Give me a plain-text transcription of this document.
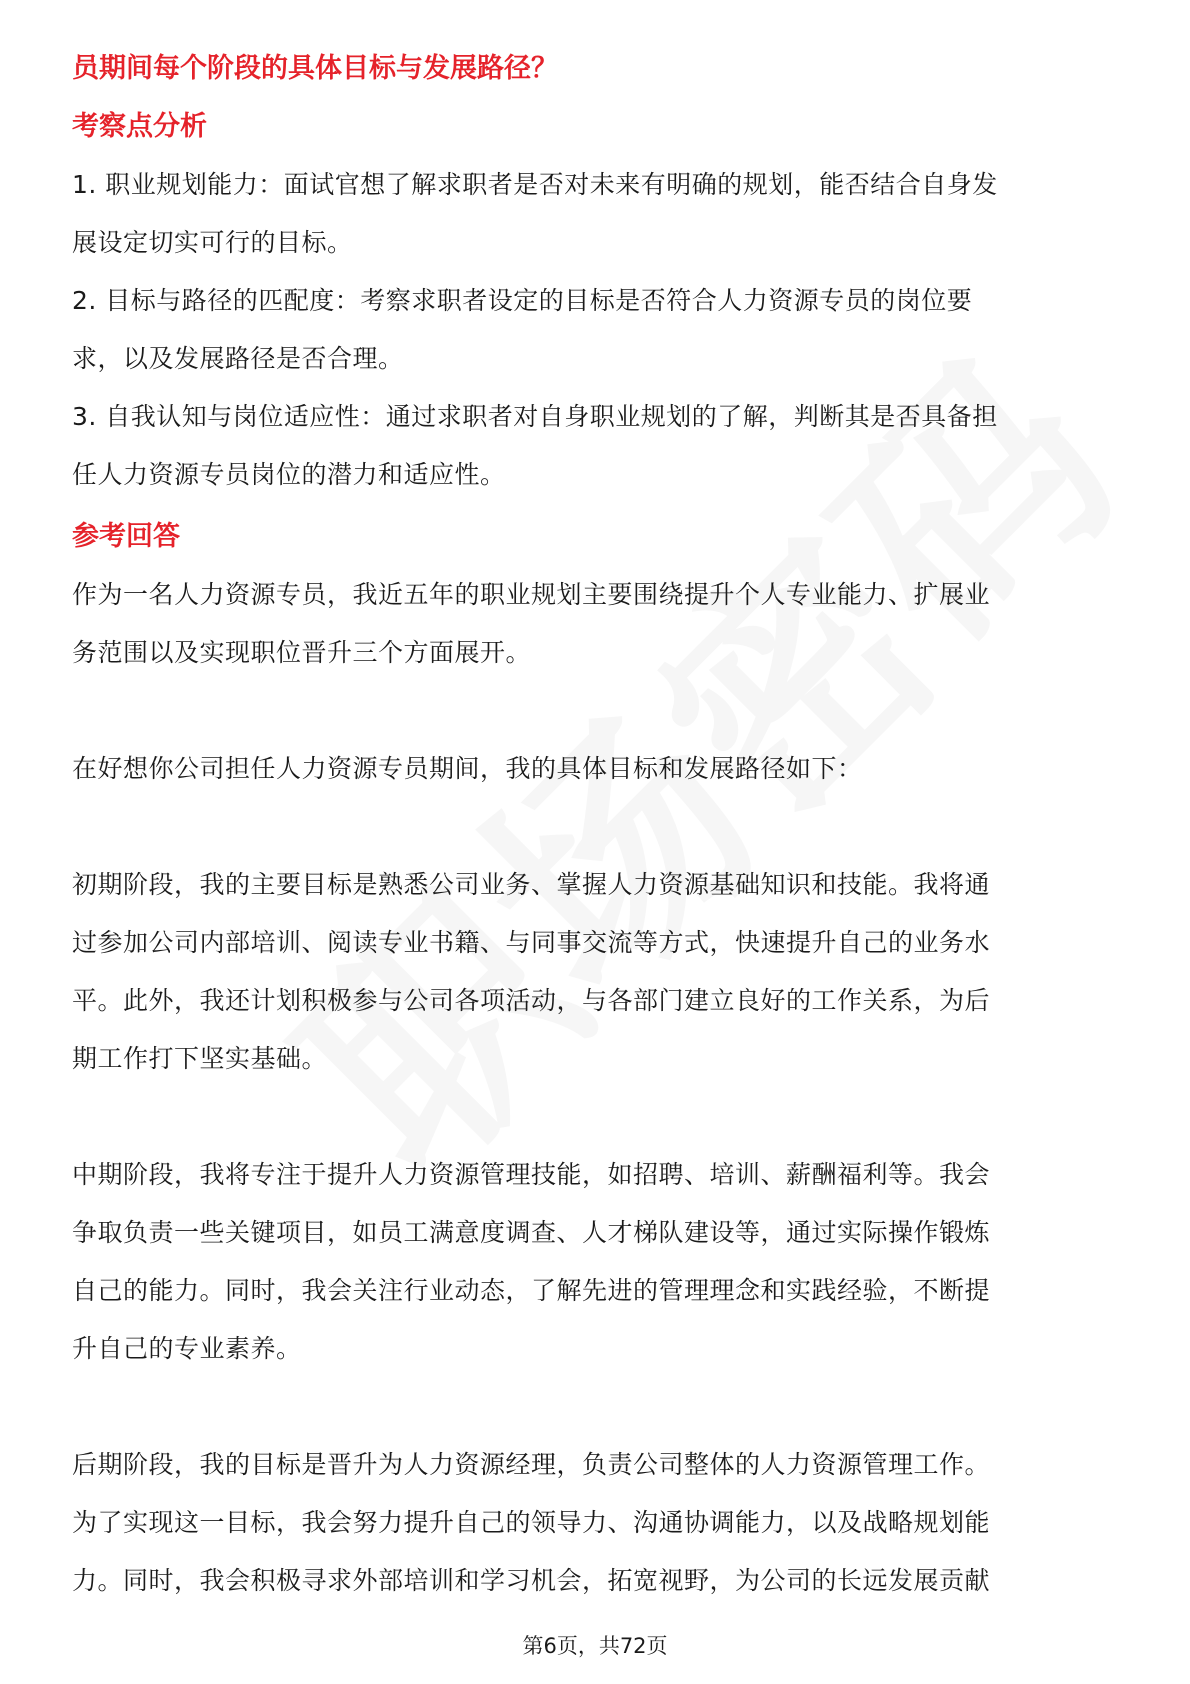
员期间每个阶段的具体目标与发展路径？

考察点分析

1. 职业规划能力：面试官想了解求职者是否对未来有明确的规划，能否结合自身发

展设定切实可行的目标。

2. 目标与路径的匹配度：考察求职者设定的目标是否符合人力资源专员的岗位要

求，以及发展路径是否合理。

3. 自我认知与岗位适应性：通过求职者对自身职业规划的了解，判断其是否具备担

任人力资源专员岗位的潜力和适应性。

参考回答

作为一名人力资源专员，我近五年的职业规划主要围绕提升个人专业能力、扩展业

务范围以及实现职位晋升三个方面展开。

在好想你公司担任人力资源专员期间，我的具体目标和发展路径如下：

初期阶段，我的主要目标是熟悉公司业务、掌握人力资源基础知识和技能。我将通

过参加公司内部培训、阅读专业书籍、与同事交流等方式，快速提升自己的业务水

平。此外，我还计划积极参与公司各项活动，与各部门建立良好的工作关系，为后

期工作打下坚实基础。

中期阶段，我将专注于提升人力资源管理技能，如招聘、培训、薪酬福利等。我会

争取负责一些关键项目，如员工满意度调查、人才梯队建设等，通过实际操作锻炼

自己的能力。同时，我会关注行业动态，了解先进的管理理念和实践经验，不断提

升自己的专业素养。

后期阶段，我的目标是晋升为人力资源经理，负责公司整体的人力资源管理工作。

为了实现这一目标，我会努力提升自己的领导力、沟通协调能力，以及战略规划能

力。同时，我会积极寻求外部培训和学习机会，拓宽视野，为公司的长远发展贡献

第6页，共72页
